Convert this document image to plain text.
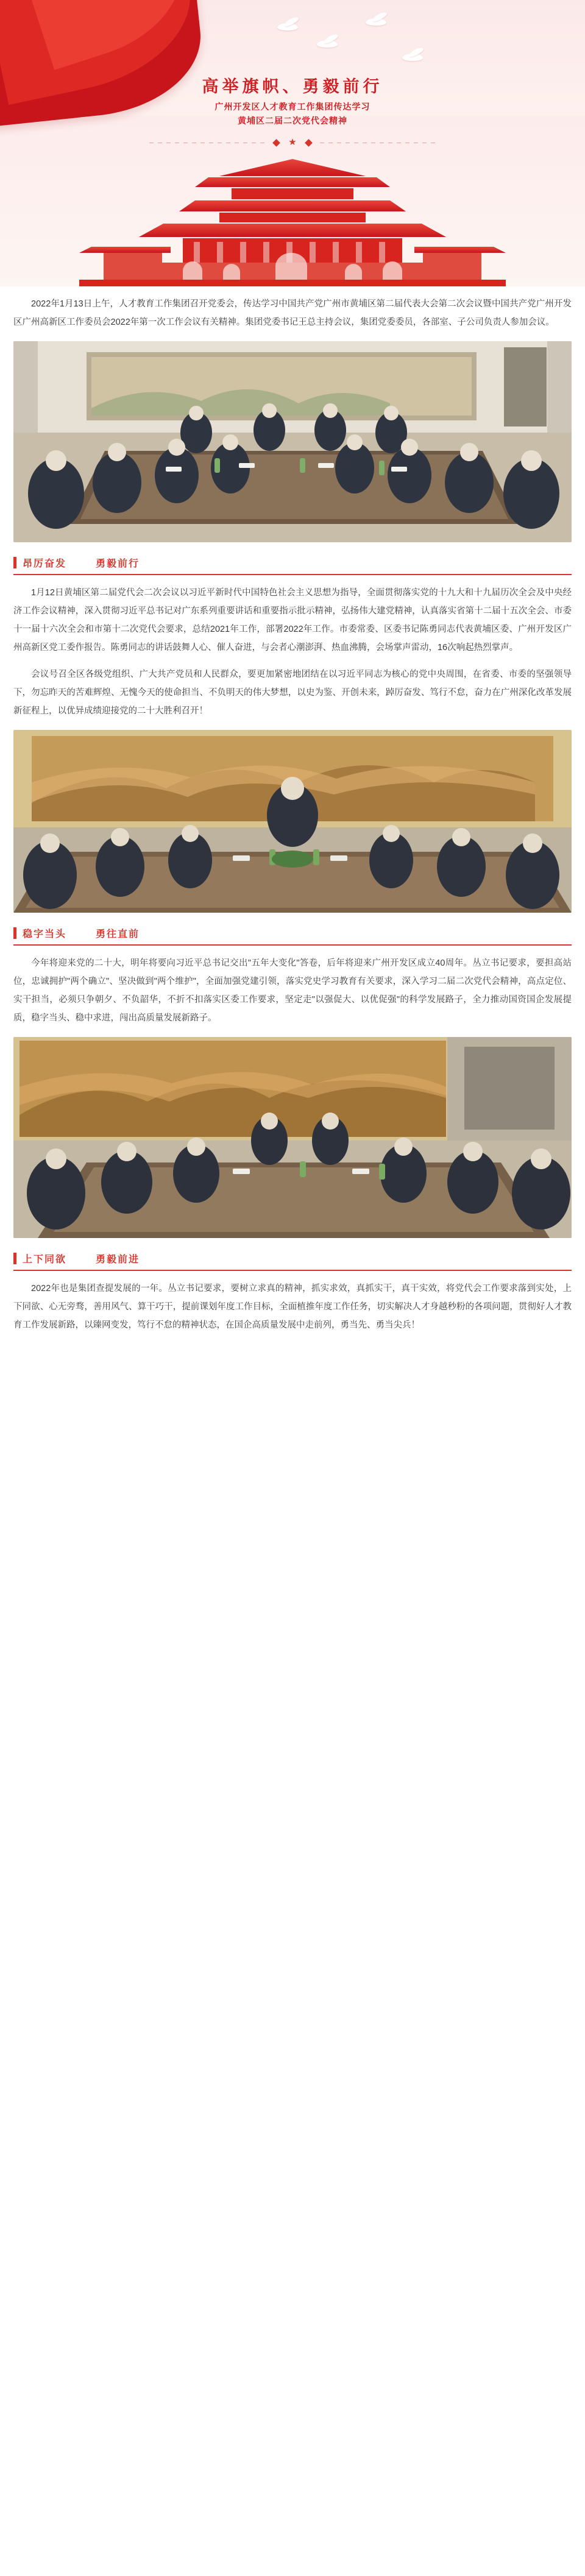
高举旗帜、勇毅前行
广州开发区人才教育工作集团传达学习
黄埔区二届二次党代会精神
★

2022年1月13日上午，人才教育工作集团召开党委会，传达学习中国共产党广州市黄埔区第二届代表大会第二次会议暨中国共产党广州开发区广州高新区工作委员会2022年第一次工作会议有关精神。集团党委书记王总主持会议，集团党委委员，各部室、子公司负责人参加会议。

昂厉奋发	勇毅前行

1月12日黄埔区第二届党代会二次会议以习近平新时代中国特色社会主义思想为指导，全面贯彻落实党的十九大和十九届历次全会及中央经济工作会议精神，深入贯彻习近平总书记对广东系列重要讲话和重要指示批示精神，弘扬伟大建党精神，认真落实省第十二届十五次全会、市委十一届十六次全会和市第十二次党代会要求，总结2021年工作，部署2022年工作。市委常委、区委书记陈勇同志代表黄埔区委、广州开发区广州高新区党工委作报告。陈勇同志的讲话鼓舞人心、催人奋进，与会者心潮澎湃、热血沸腾，会场掌声雷动，16次响起热烈掌声。

会议号召全区各级党组织、广大共产党员和人民群众，要更加紧密地团结在以习近平同志为核心的党中央周围，在省委、市委的坚强领导下，勿忘昨天的苦难辉煌、无愧今天的使命担当、不负明天的伟大梦想，以史为鉴、开创未来，踔厉奋发、笃行不怠，奋力在广州深化改革发展新征程上，以优异成绩迎接党的二十大胜利召开！

稳字当头	勇往直前

今年将迎来党的二十大，明年将要向习近平总书记交出"五年大变化"答卷，后年将迎来广州开发区成立40周年。丛立书记要求，要担高站位，忠诚拥护"两个确立"、坚决做到"两个维护"，全面加强党建引领，落实党史学习教育有关要求，深入学习二届二次党代会精神，高点定位、实干担当，必须只争朝夕、不负韶华，不折不扣落实区委工作要求，坚定走"以强促大、以优促强"的科学发展路子，全力推动国资国企发展提质，稳字当头、稳中求进，闯出高质量发展新路子。

上下同欲	勇毅前进

2022年也是集团查提发展的一年。丛立书记要求，要树立求真的精神，抓实求效，真抓实干，真干实效，将党代会工作要求落到实处，上下同欲、心无旁骛，善用风气、算干巧干，提前课划年度工作目标，全面植推年度工作任务，切实解决人才身越秒粉的各项问题，贯彻好人才教育工作发展新路，以臻网变发，笃行不怠的精神状态，在国企高质量发展中走前列，勇当先、勇当尖兵！
